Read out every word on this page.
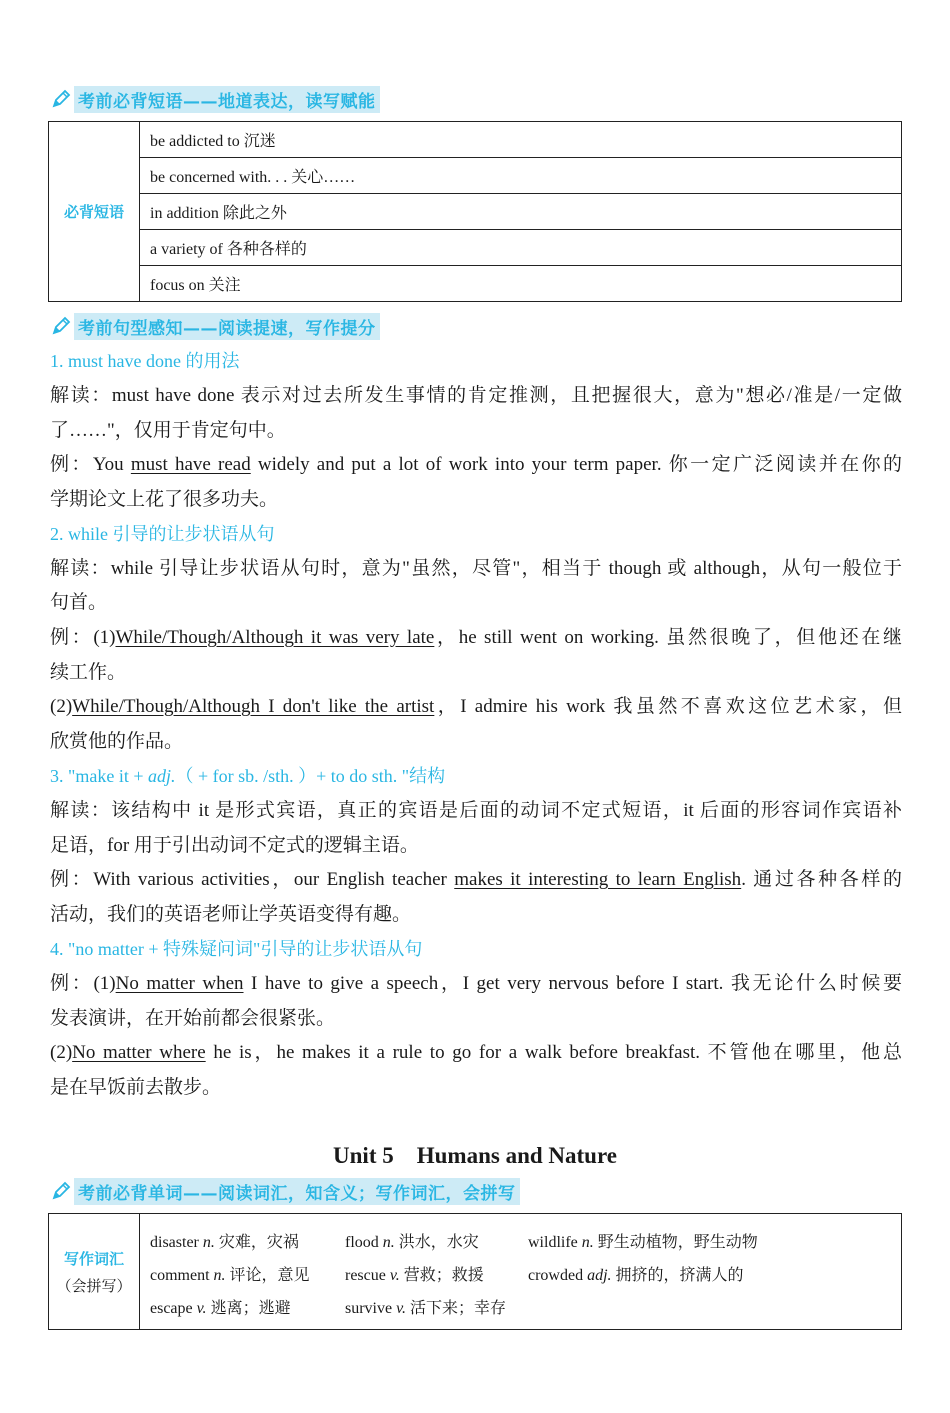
考前必背短语——地道表达，读写赋能
必背短语
be addicted to 沉迷
be concerned with. . . 关心……
in addition 除此之外
a variety of 各种各样的
focus on 关注
考前句型感知——阅读提速，写作提分
1. must have done 的用法
解读：must have done 表示对过去所发生事情的肯定推测，且把握很大，意为"想必/准是/一定做
了……"，仅用于肯定句中。
例：You must have read widely and put a lot of work into your term paper. 你一定广泛阅读并在你的
学期论文上花了很多功夫。
2. while 引导的让步状语从句
解读：while 引导让步状语从句时，意为"虽然，尽管"，相当于 though 或 although，从句一般位于
句首。
例：(1)While/Though/Although it was very late，he still went on working. 虽然很晚了，但他还在继
续工作。
(2)While/Though/Although I don't like the artist，I admire his work 我虽然不喜欢这位艺术家，但
欣赏他的作品。
3. "make it + adj.（ + for sb. /sth. ）+ to do sth. "结构
解读：该结构中 it 是形式宾语，真正的宾语是后面的动词不定式短语，it 后面的形容词作宾语补
足语，for 用于引出动词不定式的逻辑主语。
例：With various activities，our English teacher makes it interesting to learn English. 通过各种各样的
活动，我们的英语老师让学英语变得有趣。
4. "no matter + 特殊疑问词"引导的让步状语从句
例：(1)No matter when I have to give a speech，I get very nervous before I start. 我无论什么时候要
发表演讲，在开始前都会很紧张。
(2)No matter where he is，he makes it a rule to go for a walk before breakfast. 不管他在哪里，他总
是在早饭前去散步。
Unit 5　Humans and Nature
考前必背单词——阅读词汇，知含义；写作词汇，会拼写
写作词汇
（会拼写）
disaster n. 灾难，灾祸	flood n. 洪水，水灾	wildlife n. 野生动植物，野生动物
comment n. 评论，意见 rescue v. 营救；救援	crowded adj. 拥挤的，挤满人的
escape v. 逃离；逃避	survive v. 活下来；幸存
